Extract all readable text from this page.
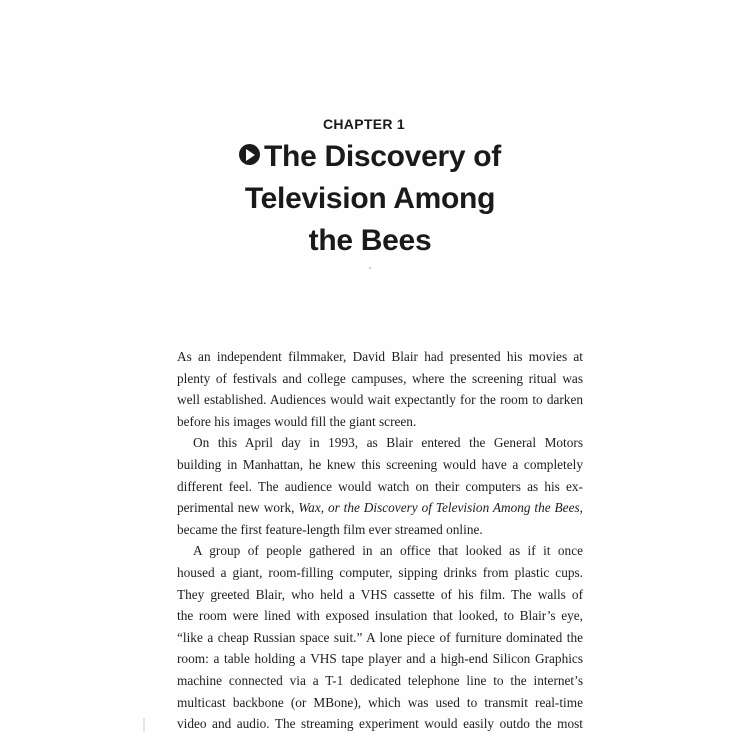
CHAPTER 1
The Discovery of
Television Among
the Bees

As an independent filmmaker, David Blair had presented his movies at
plenty of festivals and college campuses, where the screening ritual was
well established. Audiences would wait expectantly for the room to darken
before his images would fill the giant screen.

On this April day in 1993, as Blair entered the General Motors
building in Manhattan, he knew this screening would have a completely
different feel. The audience would watch on their computers as his ex-
perimental new work, Wax, or the Discovery of Television Among the Bees,
became the first feature-length film ever streamed online.

A group of people gathered in an office that looked as if it once
housed a giant, room-filling computer, sipping drinks from plastic cups.
They greeted Blair, who held a VHS cassette of his film. The walls of
the room were lined with exposed insulation that looked, to Blair’s eye,
“like a cheap Russian space suit.” A lone piece of furniture dominated the
room: a table holding a VHS tape player and a high-end Silicon Graphics
machine connected via a T-1 dedicated telephone line to the internet’s
multicast backbone (or MBone), which was used to transmit real-time
video and audio. The streaming experiment would easily outdo the most
